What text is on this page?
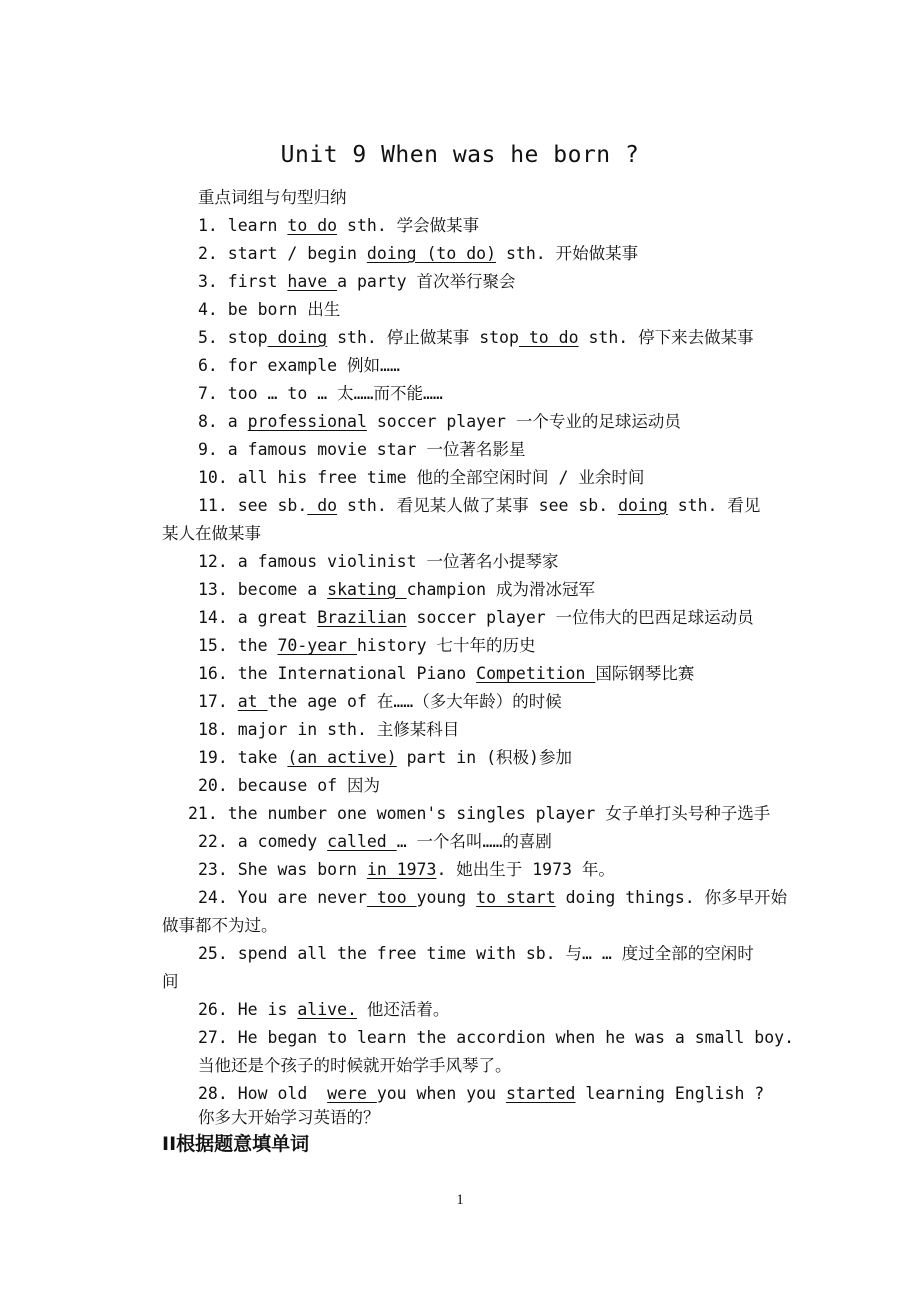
Unit 9 When was he born ?
重点词组与句型归纳
1. learn to do sth. 学会做某事
2. start / begin doing (to do) sth. 开始做某事
3. first have a party 首次举行聚会
4. be born 出生
5. stop doing sth. 停止做某事 stop to do sth. 停下来去做某事
6. for example 例如……
7. too … to … 太……而不能……
8. a professional soccer player 一个专业的足球运动员
9. a famous movie star 一位著名影星
10. all his free time 他的全部空闲时间 / 业余时间
11. see sb. do sth. 看见某人做了某事 see sb. doing sth. 看见
某人在做某事
12. a famous violinist 一位著名小提琴家
13. become a skating champion 成为滑冰冠军
14. a great Brazilian soccer player 一位伟大的巴西足球运动员
15. the 70-year history 七十年的历史
16. the International Piano Competition 国际钢琴比赛
17. at the age of 在……（多大年龄）的时候
18. major in sth. 主修某科目
19. take (an active) part in (积极)参加
20. because of 因为
21. the number one women's singles player 女子单打头号种子选手
22. a comedy called … 一个名叫……的喜剧
23. She was born in 1973. 她出生于 1973 年。
24. You are never too young to start doing things. 你多早开始
做事都不为过。
25. spend all the free time with sb. 与… … 度过全部的空闲时
间
26. He is alive. 他还活着。
27. He began to learn the accordion when he was a small boy.
当他还是个孩子的时候就开始学手风琴了。
28. How old  were you when you started learning English ?
你多大开始学习英语的？
ⅠⅠ根据题意填单词
1
